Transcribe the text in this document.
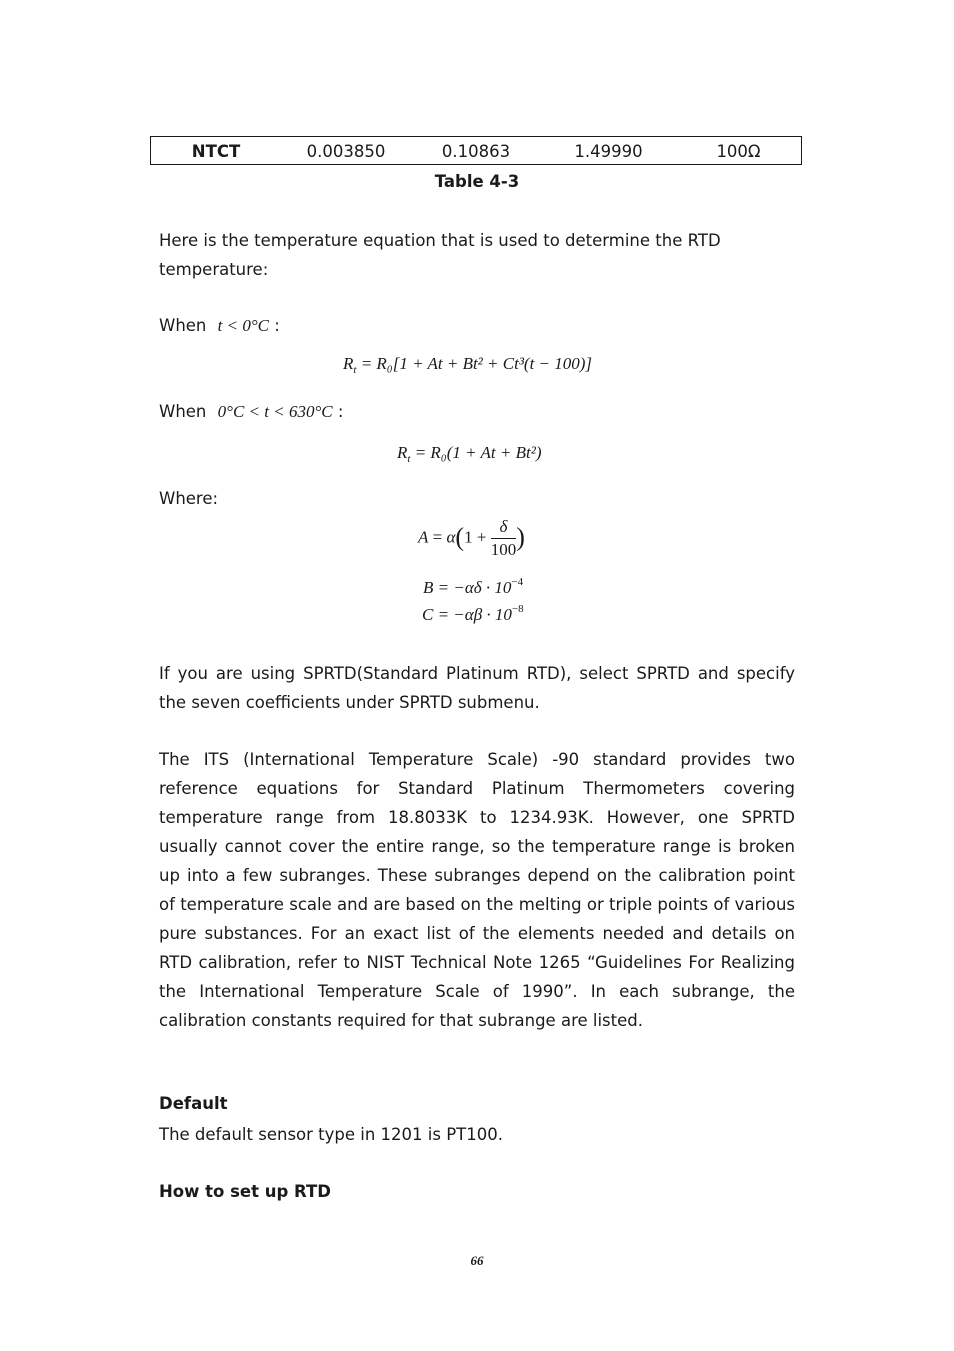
NTCT	0.003850	0.10863	1.49990	100Ω
Table 4-3
Here is the temperature equation that is used to determine the RTD temperature:
When t < 0°C :
$R_t = R_0[1 + At + Bt^2 + Ct^3(t - 100)]$
When 0°C < t < 630°C :
$R_t = R_0(1 + At + Bt^2)$
Where:
$A = \alpha(1 + \frac{\delta}{100}$ )
$B = -\alpha\delta \cdot 10^{-4}$
$C = -\alpha\beta \cdot 10^{-8}$
If you are using SPRTD(Standard Platinum RTD), select SPRTD and specify the seven coefficients under SPRTD submenu.
The ITS (International Temperature Scale) -90 standard provides two reference equations for Standard Platinum Thermometers covering temperature range from 18.8033K to 1234.93K. However, one SPRTD usually cannot cover the entire range, so the temperature range is broken up into a few subranges. These subranges depend on the calibration point of temperature scale and are based on the melting or triple points of various pure substances. For an exact list of the elements needed and details on RTD calibration, refer to NIST Technical Note 1265 “Guidelines For Realizing the International Temperature Scale of 1990”. In each subrange, the calibration constants required for that subrange are listed.
Default
The default sensor type in 1201 is PT100.
How to set up RTD
66
